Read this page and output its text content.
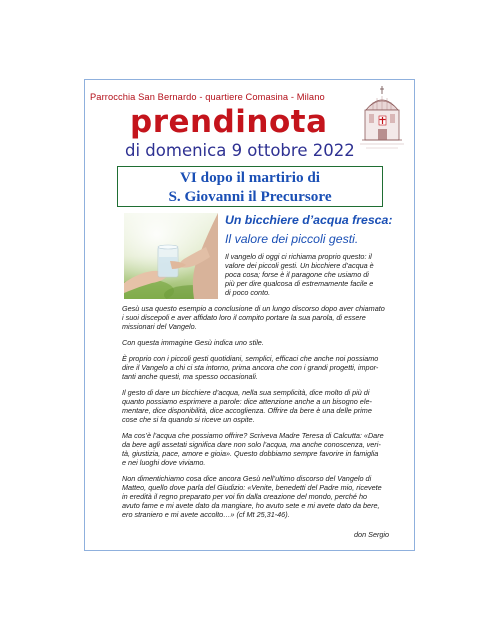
Parrocchia San Bernardo - quartiere Comasina - Milano
prendinota
di domenica 9 ottobre 2022
VI dopo il martirio di
S. Giovanni il Precursore
Un bicchiere d’acqua fresca:
Il valore dei piccoli gesti.
Il vangelo di oggi ci richiama proprio questo: il
valore dei piccoli gesti. Un bicchiere d’acqua è
poca cosa; forse è il paragone che usiamo di
più per dire qualcosa di estremamente facile e
di poco conto.
Gesù usa questo esempio a conclusione di un lungo discorso dopo aver chiamato
i suoi discepoli e aver affidato loro il compito portare la sua parola, di essere
missionari del Vangelo.
Con questa immagine Gesù indica uno stile.
È proprio con i piccoli gesti quotidiani, semplici, efficaci che anche noi possiamo
dire il Vangelo a chi ci sta intorno, prima ancora che con i grandi progetti, impor-
tanti anche questi, ma spesso occasionali.
Il gesto di dare un bicchiere d’acqua, nella sua semplicità, dice molto di più di
quanto possiamo esprimere a parole: dice attenzione anche a un bisogno ele-
mentare, dice disponibilità, dice accoglienza. Offrire da bere è una delle prime
cose che si fa quando si riceve un ospite.
Ma cos’è l’acqua che possiamo offrire? Scriveva Madre Teresa di Calcutta: «Dare
da bere agli assetati significa dare non solo l’acqua, ma anche conoscenza, veri-
tà, giustizia, pace, amore e gioia». Questo dobbiamo sempre favorire in famiglia
e nei luoghi dove viviamo.
Non dimentichiamo cosa dice ancora Gesù nell’ultimo discorso del Vangelo di
Matteo, quello dove parla del Giudizio: «Venite, benedetti del Padre mio, ricevete
in eredità il regno preparato per voi fin dalla creazione del mondo, perché ho
avuto fame e mi avete dato da mangiare, ho avuto sete e mi avete dato da bere,
ero straniero e mi avete accolto…» (cf Mt 25,31-46).
don Sergio
